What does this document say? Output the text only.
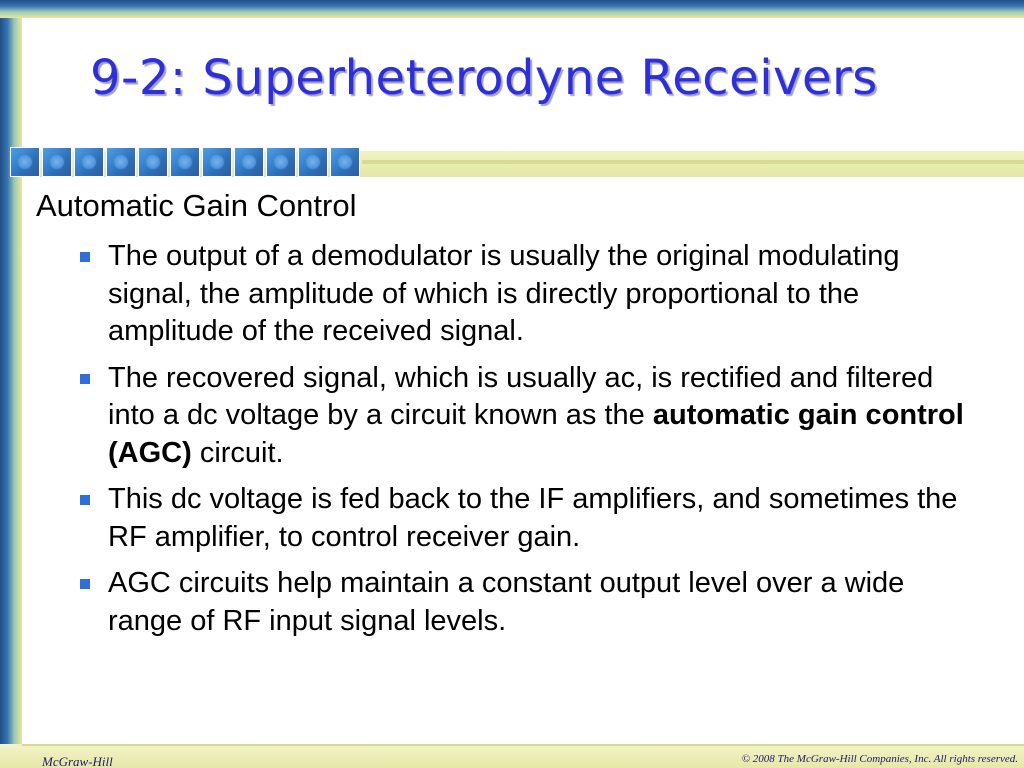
9-2: Superheterodyne Receivers
Automatic Gain Control
The output of a demodulator is usually the original modulating signal, the amplitude of which is directly proportional to the amplitude of the received signal.
The recovered signal, which is usually ac, is rectified and filtered into a dc voltage by a circuit known as the automatic gain control (AGC) circuit.
This dc voltage is fed back to the IF amplifiers, and sometimes the RF amplifier, to control receiver gain.
AGC circuits help maintain a constant output level over a wide range of RF input signal levels.
McGraw-Hill	© 2008 The McGraw-Hill Companies, Inc. All rights reserved.
